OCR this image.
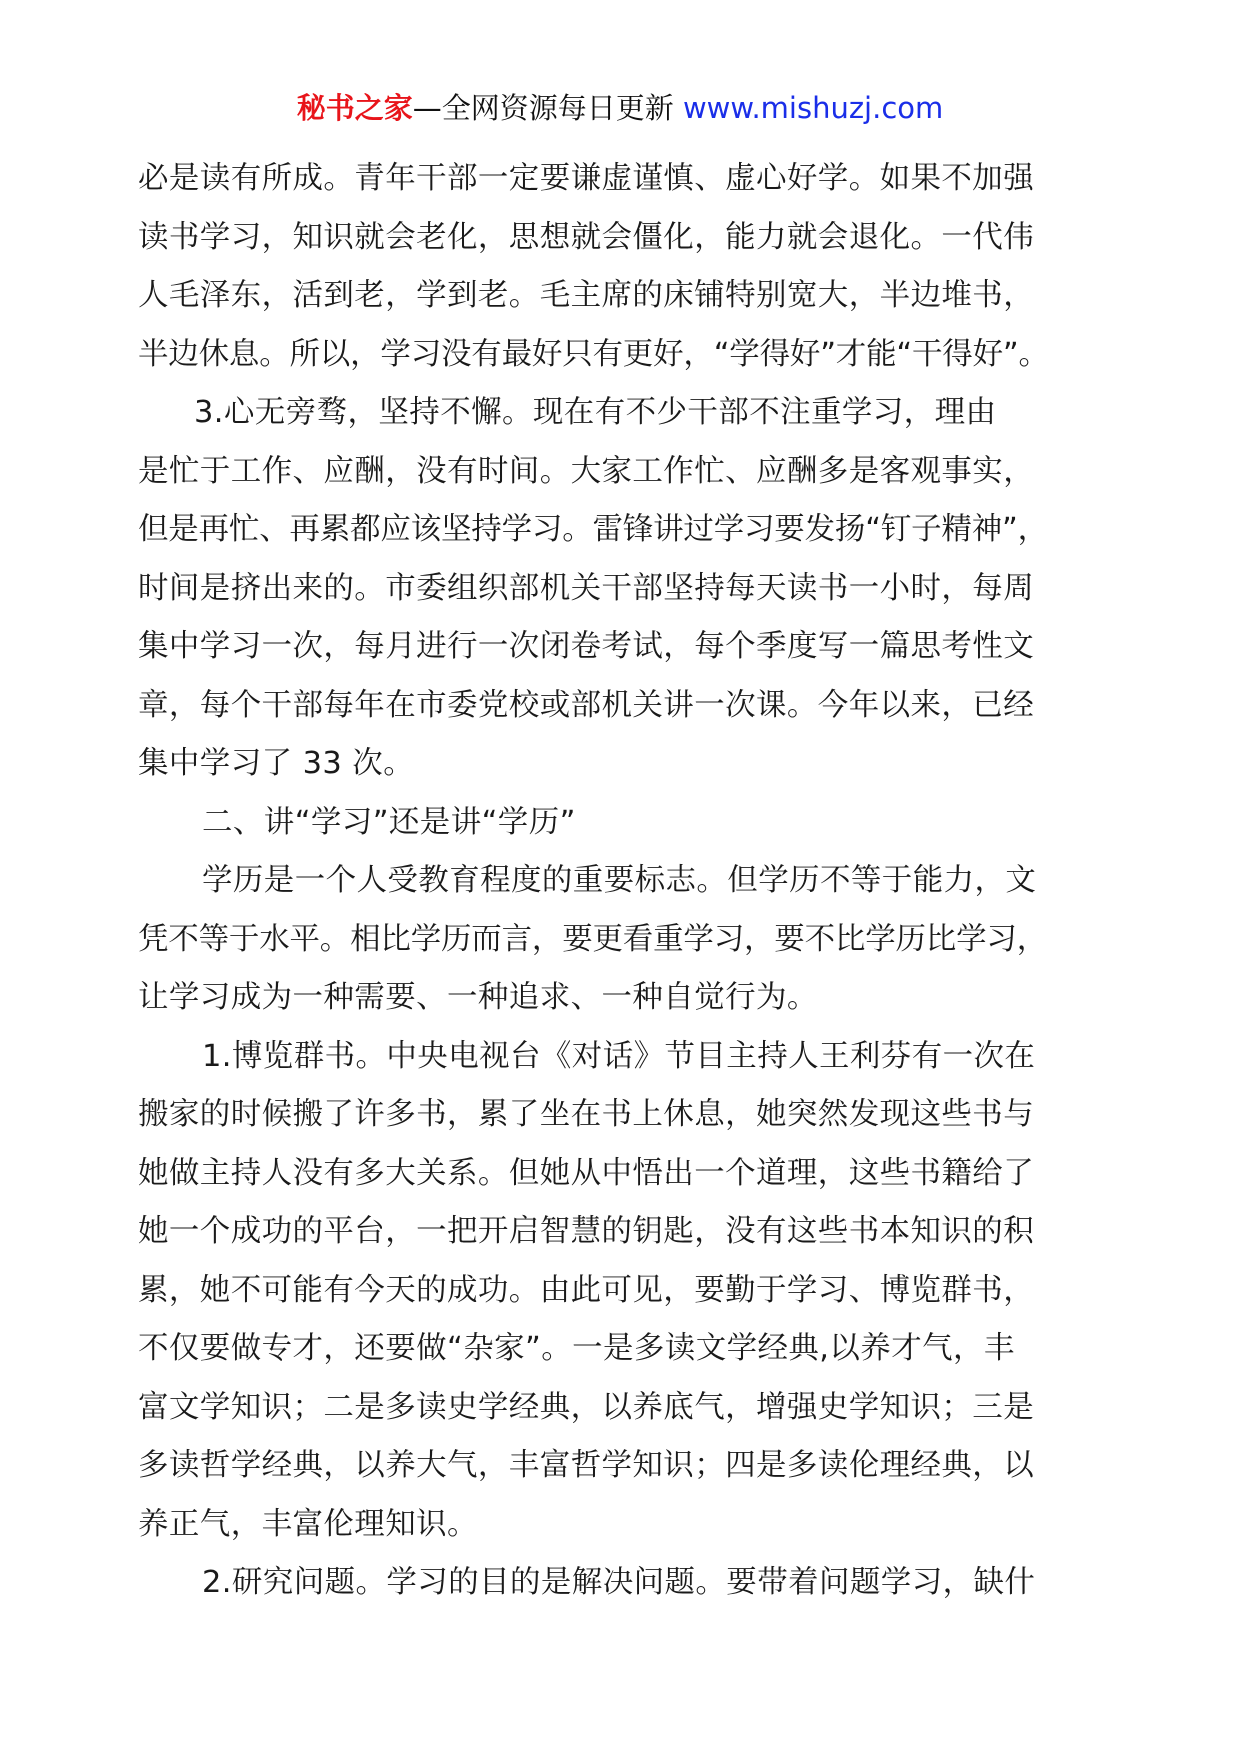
秘书之家—全网资源每日更新 www.mishuzj.com
必是读有所成。青年干部一定要谦虚谨慎、虚心好学。如果不加强
读书学习，知识就会老化，思想就会僵化，能力就会退化。一代伟
人毛泽东，活到老，学到老。毛主席的床铺特别宽大，半边堆书，
半边休息。所以，学习没有最好只有更好，“学得好”才能“干得好”。
3.心无旁骛，坚持不懈。现在有不少干部不注重学习，理由
是忙于工作、应酬，没有时间。大家工作忙、应酬多是客观事实，
但是再忙、再累都应该坚持学习。雷锋讲过学习要发扬“钉子精神”，
时间是挤出来的。市委组织部机关干部坚持每天读书一小时，每周
集中学习一次，每月进行一次闭卷考试，每个季度写一篇思考性文
章，每个干部每年在市委党校或部机关讲一次课。今年以来，已经
集中学习了 33 次。
二、讲“学习”还是讲“学历”
学历是一个人受教育程度的重要标志。但学历不等于能力，文
凭不等于水平。相比学历而言，要更看重学习，要不比学历比学习，
让学习成为一种需要、一种追求、一种自觉行为。
1.博览群书。中央电视台《对话》节目主持人王利芬有一次在
搬家的时候搬了许多书，累了坐在书上休息，她突然发现这些书与
她做主持人没有多大关系。但她从中悟出一个道理，这些书籍给了
她一个成功的平台，一把开启智慧的钥匙，没有这些书本知识的积
累，她不可能有今天的成功。由此可见，要勤于学习、博览群书，
不仅要做专才，还要做“杂家”。一是多读文学经典,以养才气，丰
富文学知识；二是多读史学经典，以养底气，增强史学知识；三是
多读哲学经典，以养大气，丰富哲学知识；四是多读伦理经典，以
养正气，丰富伦理知识。
2.研究问题。学习的目的是解决问题。要带着问题学习，缺什
